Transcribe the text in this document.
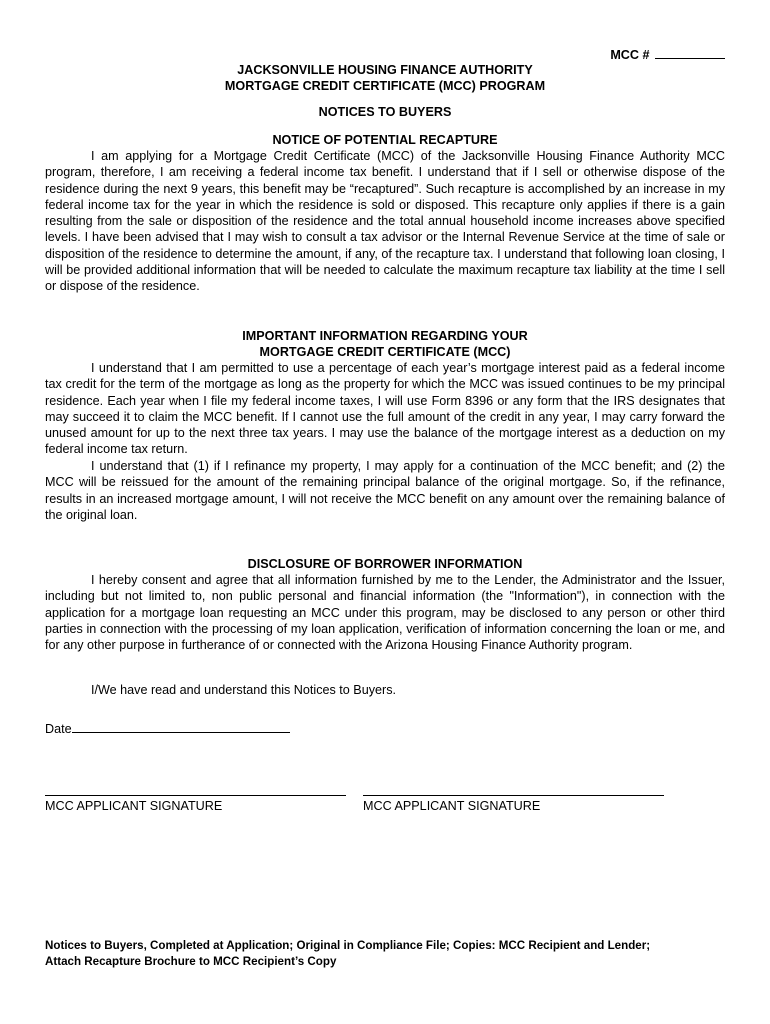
MCC #
JACKSONVILLE HOUSING FINANCE AUTHORITY
MORTGAGE CREDIT CERTIFICATE (MCC) PROGRAM
NOTICES TO BUYERS
NOTICE OF POTENTIAL RECAPTURE

I am applying for a Mortgage Credit Certificate (MCC) of the Jacksonville Housing Finance Authority MCC program, therefore, I am receiving a federal income tax benefit. I understand that if I sell or otherwise dispose of the residence during the next 9 years, this benefit may be “recaptured”. Such recapture is accomplished by an increase in my federal income tax for the year in which the residence is sold or disposed. This recapture only applies if there is a gain resulting from the sale or disposition of the residence and the total annual household income increases above specified levels. I have been advised that I may wish to consult a tax advisor or the Internal Revenue Service at the time of sale or disposition of the residence to determine the amount, if any, of the recapture tax. I understand that following loan closing, I will be provided additional information that will be needed to calculate the maximum recapture tax liability at the time I sell or dispose of the residence.

IMPORTANT INFORMATION REGARDING YOUR
MORTGAGE CREDIT CERTIFICATE (MCC)

I understand that I am permitted to use a percentage of each year’s mortgage interest paid as a federal income tax credit for the term of the mortgage as long as the property for which the MCC was issued continues to be my principal residence. Each year when I file my federal income taxes, I will use Form 8396 or any form that the IRS designates that may succeed it to claim the MCC benefit. If I cannot use the full amount of the credit in any year, I may carry forward the unused amount for up to the next three tax years. I may use the balance of the mortgage interest as a deduction on my federal income tax return.

I understand that (1) if I refinance my property, I may apply for a continuation of the MCC benefit; and (2) the MCC will be reissued for the amount of the remaining principal balance of the original mortgage. So, if the refinance, results in an increased mortgage amount, I will not receive the MCC benefit on any amount over the remaining balance of the original loan.

DISCLOSURE OF BORROWER INFORMATION

I hereby consent and agree that all information furnished by me to the Lender, the Administrator and the Issuer, including but not limited to, non public personal and financial information (the "Information"), in connection with the application for a mortgage loan requesting an MCC under this program, may be disclosed to any person or other third parties in connection with the processing of my loan application, verification of information concerning the loan or me, and for any other purpose in furtherance of or connected with the Arizona Housing Finance Authority program.

I/We have read and understand this Notices to Buyers.
Date
MCC APPLICANT SIGNATURE	MCC APPLICANT SIGNATURE
Notices to Buyers, Completed at Application; Original in Compliance File; Copies: MCC Recipient and Lender;
Attach Recapture Brochure to MCC Recipient’s Copy
